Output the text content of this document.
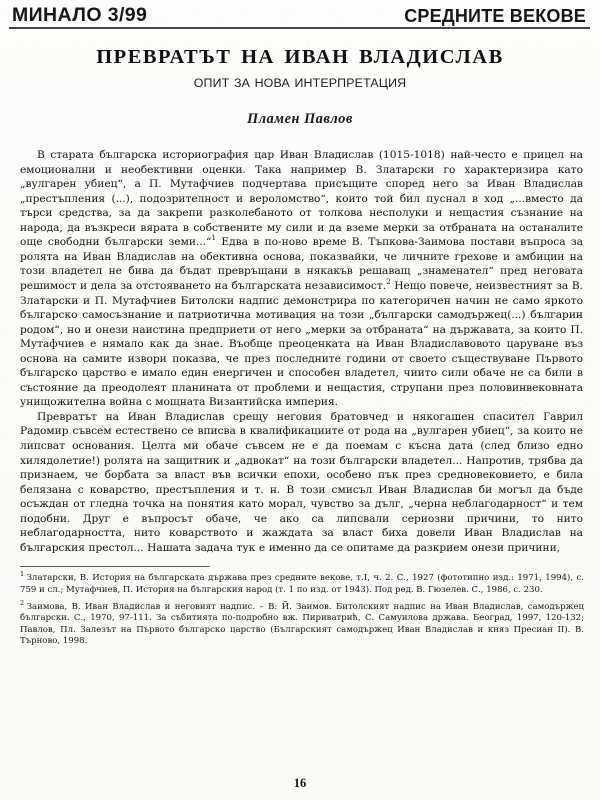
МИНАЛО 3/99	СРЕДНИТЕ ВЕКОВЕ
ПРЕВРАТЪТ НА ИВАН ВЛАДИСЛАВ
ОПИТ ЗА НОВА ИНТЕРПРЕТАЦИЯ
Пламен Павлов

В старата българска историография цар Иван Владислав (1015-1018) най-често е прицел на емоционални и необективни оценки. Така например В. Златарски го характеризира като „вулгарен убиец“, а П. Мутафчиев подчертава присъщите според него за Иван Владислав „престъпления (...), подозрителност и вероломство“, които той бил пуснал в ход „...вместо да търси средства, за да закрепи разколебаното от толкова несполуки и нещастия съзнание на народа, да възкреси вярата в собствените му сили и да вземе мерки за отбраната на останалите още свободни български земи...“$^1$ Едва в по-ново време В. Тъпкова-Заимова постави въпроса за ролята на Иван Владислав на обективна основа, показвайки, че личните грехове и амбиции на този владетел не бива да бъдат превръщани в някакъв решаващ „знаменател“ пред неговата решимост и дела за отстояването на българската независимост.$^2$ Нещо повече, неизвестният за В. Златарски и П. Мутафчиев Битолски надпис демонстрира по категоричен начин не само яркото българско самосъзнание и патриотична мотивация на този „български самодържец(...) българин родом“, но и онези наистина предприети от него „мерки за отбраната“ на държавата, за които П. Мутафчиев е нямало как да знае. Въобще преоценката на Иван Владиславовото царуване въз основа на самите извори показва, че през последните години от своето съществуване Първото българско царство е имало един енергичен и способен владетел, чиито сили обаче не са били в състояние да преодолеят планината от проблеми и нещастия, струпани през половинвековната унищожителна война с мощната Византийска империя.

Превратът на Иван Владислав срещу неговия братовчед и някогашен спасител Гаврил Радомир съвсем естествено се вписва в квалификациите от рода на „вулгарен убиец“, за които не липсват основания. Целта ми обаче съвсем не е да поемам с късна дата (след близо едно хилядолетие!) ролята на защитник и „адвокат“ на този български владетел... Напротив, трябва да признаем, че борбата за власт във всички епохи, особено пък през средновековието, е била белязана с коварство, престъпления и т. н. В този смисъл Иван Владислав би могъл да бъде осъждан от гледна точка на понятия като морал, чувство за дълг, „черна неблагодарност“ и тем подобни. Друг е въпросът обаче, че ако са липсвали сериозни причини, то нито неблагодарността, нито коварството и жаждата за власт биха довели Иван Владислав на българския престол... Нашата задача тук е именно да се опитаме да разкрием онези причини,

$^1$ Златарски, В. История на българската държава през средните векове, т.I, ч. 2. С., 1927 (фототипно изд.: 1971, 1994), с. 759 и сл.; Мутафчиев, П. История на българския народ (т. 1 по изд. от 1943). Под ред. В. Гюзелев. С., 1986, с. 230.

$^2$ Заимова, В. Иван Владислав и неговият надпис. – В: Й. Заимов. Битолският надпис на Иван Владислав, самодържец български. С., 1970, 97-111. За събитията по-подробно вж. Пириватрић, С. Самуилова држава. Београд, 1997, 120-132; Павлов, Пл. Залезът на Първото българско царство (Българският самодържец Иван Владислав и княз Пресиан II). В. Търново, 1998.

16
